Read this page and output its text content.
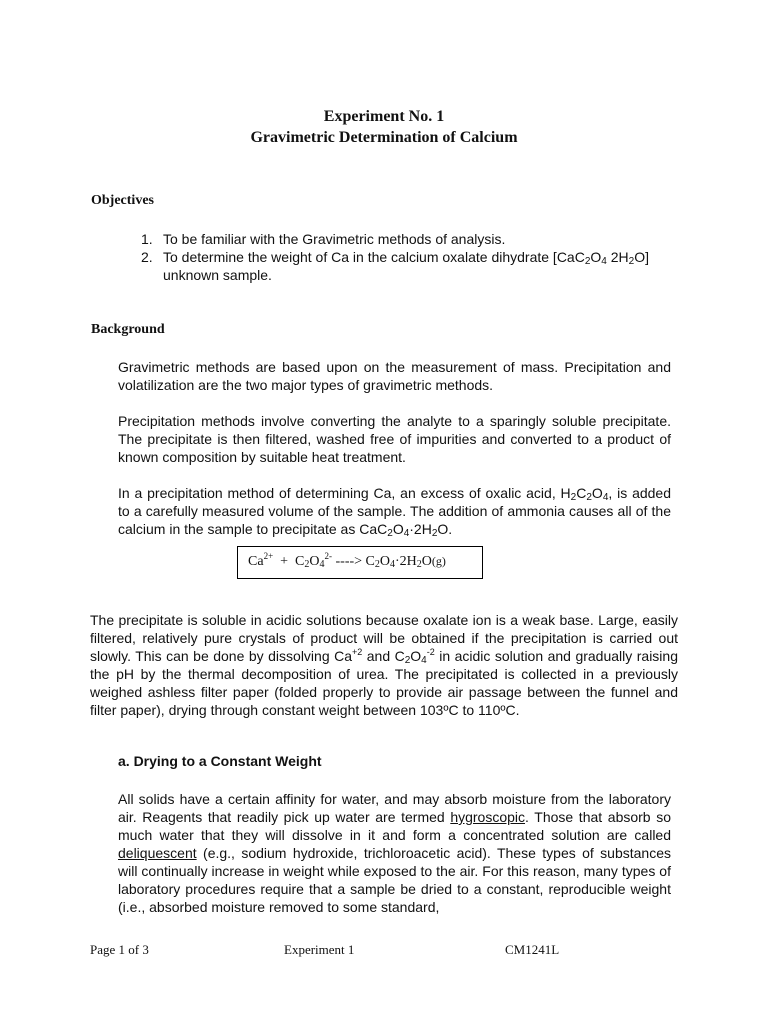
Experiment No. 1
Gravimetric Determination of Calcium
Objectives
1. To be familiar with the Gravimetric methods of analysis.
2. To determine the weight of Ca in the calcium oxalate dihydrate [$CaC_2O_4$ $2H_2O$] unknown sample.
Background
Gravimetric methods are based upon on the measurement of mass. Precipitation and volatilization are the two major types of gravimetric methods.
Precipitation methods involve converting the analyte to a sparingly soluble precipitate. The precipitate is then filtered, washed free of impurities and converted to a product of known composition by suitable heat treatment.
In a precipitation method of determining Ca, an excess of oxalic acid, $H_2C_2O_4$, is added to a carefully measured volume of the sample. The addition of ammonia causes all of the calcium in the sample to precipitate as $CaC_2O_4\cdot 2H_2O$.
$Ca^{2+} + C_2O_4^{2-}$ ----> $C_2O_4\cdot 2H_2O(g)$
The precipitate is soluble in acidic solutions because oxalate ion is a weak base. Large, easily filtered, relatively pure crystals of product will be obtained if the precipitation is carried out slowly. This can be done by dissolving $Ca^{+2}$ and $C_2O_4^{-2}$ in acidic solution and gradually raising the pH by the thermal decomposition of urea. The precipitated is collected in a previously weighed ashless filter paper (folded properly to provide air passage between the funnel and filter paper), drying through constant weight between 103ºC to 110ºC.
a. Drying to a Constant Weight
All solids have a certain affinity for water, and may absorb moisture from the laboratory air. Reagents that readily pick up water are termed hygroscopic. Those that absorb so much water that they will dissolve in it and form a concentrated solution are called deliquescent (e.g., sodium hydroxide, trichloroacetic acid). These types of substances will continually increase in weight while exposed to the air. For this reason, many types of laboratory procedures require that a sample be dried to a constant, reproducible weight (i.e., absorbed moisture removed to some standard,
Page 1 of 3	Experiment 1	CM1241L
